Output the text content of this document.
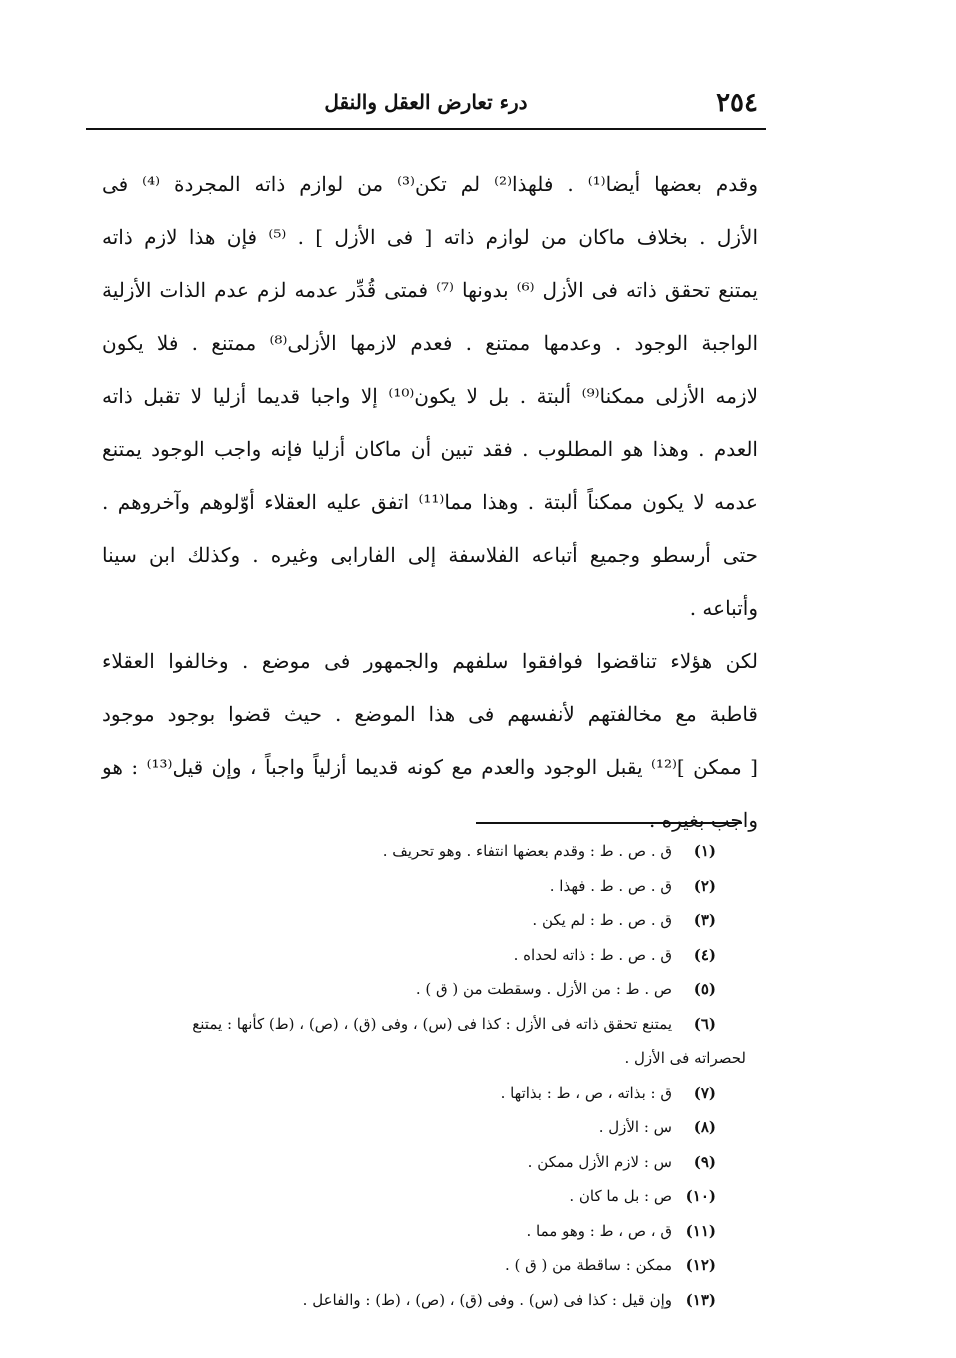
٢٥٤
درء تعارض العقل والنقل
وقدم بعضها أيضا⁽¹⁾ . فلهذا⁽²⁾ لم تكن⁽³⁾ من لوازم ذاته المجردة ⁽⁴⁾ فى
الأزل . بخلاف ماكان من لوازم ذاته [ فى الأزل ] . ⁽⁵⁾ فإن هذا لازم ذاته
يمتنع تحقق ذاته فى الأزل ⁽⁶⁾ بدونها ⁽⁷⁾ فمتى قُدِّر عدمه لزم عدم الذات الأزلية
الواجبة الوجود . وعدمها ممتنع . فعدم لازمها الأزلى⁽⁸⁾ ممتنع . فلا يكون
لازمه الأزلى ممكنا⁽⁹⁾ ألبتة . بل لا يكون⁽¹⁰⁾ إلا واجبا قديما أزليا لا تقبل ذاته
العدم . وهذا هو المطلوب . فقد تبين أن ماكان أزليا فإنه واجب الوجود يمتنع
عدمه لا يكون ممكناً ألبتة . وهذا مما⁽¹¹⁾ اتفق عليه العقلاء أوّلوهم وآخروهم .
حتى أرسطو وجميع أتباعه الفلاسفة إلى الفارابى وغيره . وكذلك ابن سينا
وأتباعه .
لكن هؤلاء تناقضوا فوافقوا سلفهم والجمهور فى موضع . وخالفوا العقلاء
قاطبة مع مخالفتهم لأنفسهم فى هذا الموضع . حيث قضوا بوجود موجود
[ ممكن ]⁽¹²⁾ يقبل الوجود والعدم مع كونه قديما أزلياً واجباً ، وإن قيل⁽¹³⁾ : هو
واجب بغيره .
(١)ق . ص . ط : وقدم بعضها انتفاء . وهو تحريف .
(٢)ق . ص . ط . فهذا .
(٣)ق . ص . ط : لم يكن .
(٤)ق . ص . ط : ذاته لحداه .
(٥)ص . ط : من الأزل . وسقطت من ( ق ) .
(٦)يمتنع تحقق ذاته فى الأزل : كذا فى (س) ، وفى (ق) ، (ص) ، (ط) كأنها : يمتنع
لحصراته فى الأزل .
(٧)ق : بذاته ، ص ، ط : بذاتها .
(٨)س : الأزل .
(٩)س : لازم الأزل ممكن .
(١٠)ص : بل ما كان .
(١١)ق ، ص ، ط : وهو مما .
(١٢)ممكن : ساقطة من ( ق ) .
(١٣)وإن قيل : كذا فى (س) . وفى (ق) ، (ص) ، (ط) : والفاعل .
